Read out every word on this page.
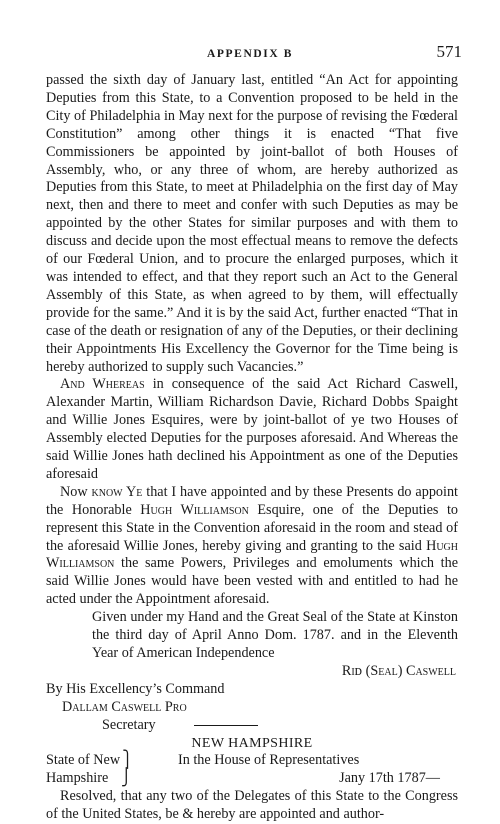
APPENDIX B	571

passed the sixth day of January last, entitled “An Act for appointing Deputies from this State, to a Convention proposed to be held in the City of Philadelphia in May next for the purpose of revising the Fœderal Constitution” among other things it is enacted “That five Commissioners be appointed by joint-ballot of both Houses of Assembly, who, or any three of whom, are hereby authorized as Deputies from this State, to meet at Philadelphia on the first day of May next, then and there to meet and confer with such Deputies as may be appointed by the other States for similar purposes and with them to discuss and decide upon the most effectual means to remove the defects of our Fœderal Union, and to procure the enlarged purposes, which it was intended to effect, and that they report such an Act to the General Assembly of this State, as when agreed to by them, will effectually provide for the same.” And it is by the said Act, further enacted “That in case of the death or resignation of any of the Deputies, or their declining their Appointments His Excellency the Governor for the Time being is hereby authorized to supply such Vacancies.”

And Whereas in consequence of the said Act Richard Caswell, Alexander Martin, William Richardson Davie, Richard Dobbs Spaight and Willie Jones Esquires, were by joint-ballot of ye two Houses of Assembly elected Deputies for the purposes aforesaid. And Whereas the said Willie Jones hath declined his Appointment as one of the Deputies aforesaid

Now know Ye that I have appointed and by these Presents do appoint the Honorable Hugh Williamson Esquire, one of the Deputies to represent this State in the Convention aforesaid in the room and stead of the aforesaid Willie Jones, hereby giving and granting to the said Hugh Williamson the same Powers, Privileges and emoluments which the said Willie Jones would have been vested with and entitled to had he acted under the Appointment aforesaid.

Given under my Hand and the Great Seal of the State at Kinston the third day of April Anno Dom. 1787. and in the Eleventh Year of American Independence

Riᴅ (Seal) Caswell

By His Excellency’s Command

Dallam Caswell Pro

Secretary

NEW HAMPSHIRE

State of New ⎫
Hampshire ⎭
In the House of Representatives
Jany 17th 1787—

Resolved, that any two of the Delegates of this State to the Congress of the United States, be & hereby are appointed and author-
